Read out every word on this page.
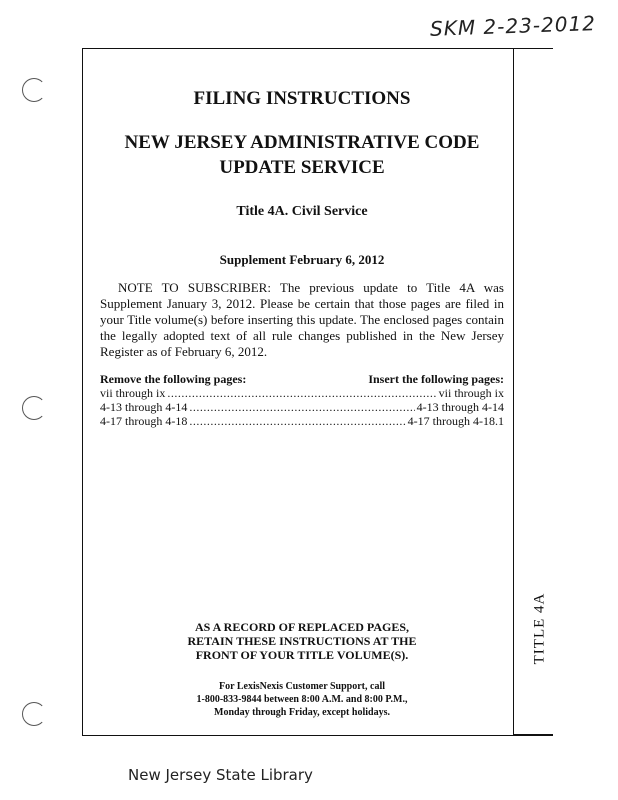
SKM 2-23-2012
TITLE 4A
FILING INSTRUCTIONS
NEW JERSEY ADMINISTRATIVE CODE
UPDATE SERVICE
Title 4A. Civil Service
Supplement February 6, 2012

NOTE TO SUBSCRIBER: The previous update to Title 4A was Supplement January 3, 2012. Please be certain that those pages are filed in your Title volume(s) before inserting this update. The enclosed pages contain the legally adopted text of all rule changes published in the New Jersey Register as of February 6, 2012.

Remove the following pages:	Insert the following pages:
vii through ix .....	vii through ix
4-13 through 4-14 .....	4-13 through 4-14
4-17 through 4-18 .....	4-17 through 4-18.1
AS A RECORD OF REPLACED PAGES,
RETAIN THESE INSTRUCTIONS AT THE
FRONT OF YOUR TITLE VOLUME(S).
For LexisNexis Customer Support, call
1-800-833-9844 between 8:00 A.M. and 8:00 P.M.,
Monday through Friday, except holidays.
New Jersey State Library
